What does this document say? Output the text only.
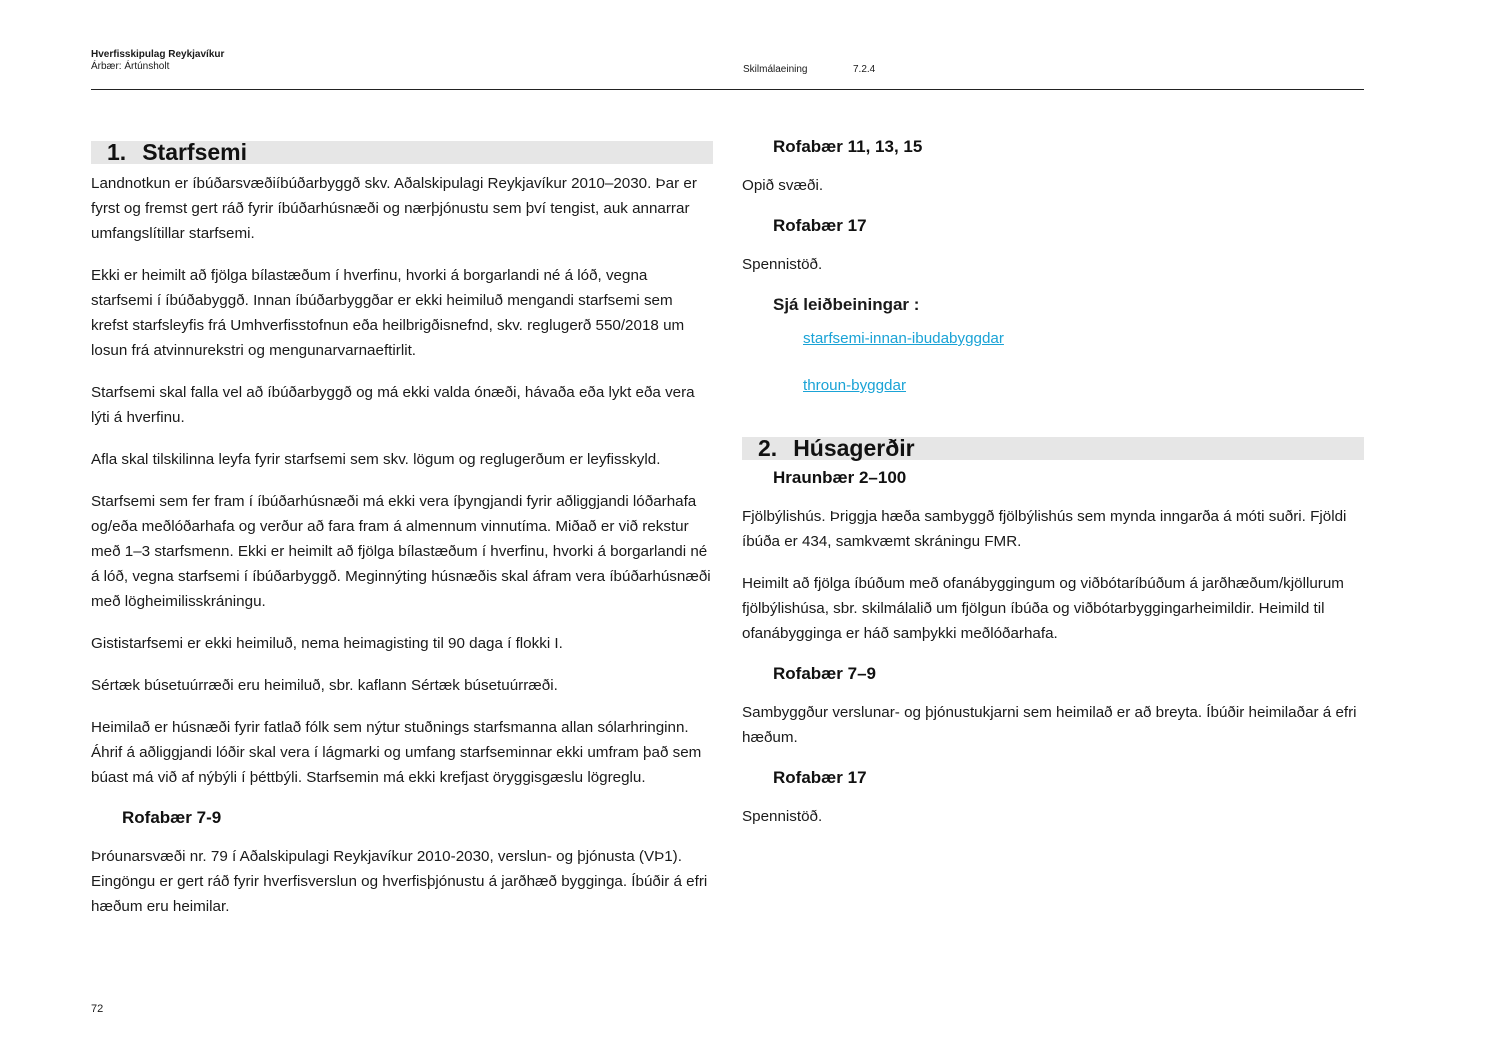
Hverfisskipulag Reykjavíkur
Árbær: Ártúnsholt	Skilmálaeining	7.2.4
1. Starfsemi

Landnotkun er íbúðarsvæðiíbúðarbyggð skv. Aðalskipulagi Reykjavíkur 2010–2030. Þar er fyrst og fremst gert ráð fyrir íbúðarhúsnæði og nærþjónustu sem því tengist, auk annarrar umfangslítillar starfsemi.

Ekki er heimilt að fjölga bílastæðum í hverfinu, hvorki á borgarlandi né á lóð, vegna starfsemi í íbúðabyggð. Innan íbúðarbyggðar er ekki heimiluð mengandi starfsemi sem krefst starfsleyfis frá Umhverfisstofnun eða heilbrigðisnefnd, skv. reglugerð 550/2018 um losun frá atvinnurekstri og mengunarvarnaeftirlit.

Starfsemi skal falla vel að íbúðarbyggð og má ekki valda ónæði, hávaða eða lykt eða vera lýti á hverfinu.

Afla skal tilskilinna leyfa fyrir starfsemi sem skv. lögum og reglugerðum er leyfisskyld.

Starfsemi sem fer fram í íbúðarhúsnæði má ekki vera íþyngjandi fyrir aðliggjandi lóðarhafa og/eða meðlóðarhafa og verður að fara fram á almennum vinnutíma. Miðað er við rekstur með 1–3 starfsmenn. Ekki er heimilt að fjölga bílastæðum í hverfinu, hvorki á borgarlandi né á lóð, vegna starfsemi í íbúðarbyggð. Meginnýting húsnæðis skal áfram vera íbúðarhúsnæði með lögheimilisskráningu.

Gististarfsemi er ekki heimiluð, nema heimagisting til 90 daga í flokki I.

Sértæk búsetuúrræði eru heimiluð, sbr. kaflann Sértæk búsetuúrræði.

Heimilað er húsnæði fyrir fatlað fólk sem nýtur stuðnings starfsmanna allan sólarhringinn. Áhrif á aðliggjandi lóðir skal vera í lágmarki og umfang starfseminnar ekki umfram það sem búast má við af nýbýli í þéttbýli. Starfsemin má ekki krefjast öryggisgæslu lögreglu.

Rofabær 7-9

Þróunarsvæði nr. 79 í Aðalskipulagi Reykjavíkur 2010-2030, verslun- og þjónusta (VÞ1). Eingöngu er gert ráð fyrir hverfisverslun og hverfisþjónustu á jarðhæð bygginga. Íbúðir á efri hæðum eru heimilar.

Rofabær 11, 13, 15

Opið svæði.

Rofabær 17

Spennistöð.

Sjá leiðbeiningar :
starfsemi-innan-ibudabyggdar
throun-byggdar
2. Húsagerðir
Hraunbær 2–100

Fjölbýlishús. Þriggja hæða sambyggð fjölbýlishús sem mynda inngarða á móti suðri. Fjöldi íbúða er 434, samkvæmt skráningu FMR.

Heimilt að fjölga íbúðum með ofanábyggingum og viðbótaríbúðum á jarðhæðum/kjöllurum fjölbýlishúsa, sbr. skilmálalið um fjölgun íbúða og viðbótarbyggingarheimildir. Heimild til ofanábygginga er háð samþykki meðlóðarhafa.

Rofabær 7–9

Sambyggður verslunar- og þjónustukjarni sem heimilað er að breyta. Íbúðir heimilaðar á efri hæðum.

Rofabær 17

Spennistöð.

72
